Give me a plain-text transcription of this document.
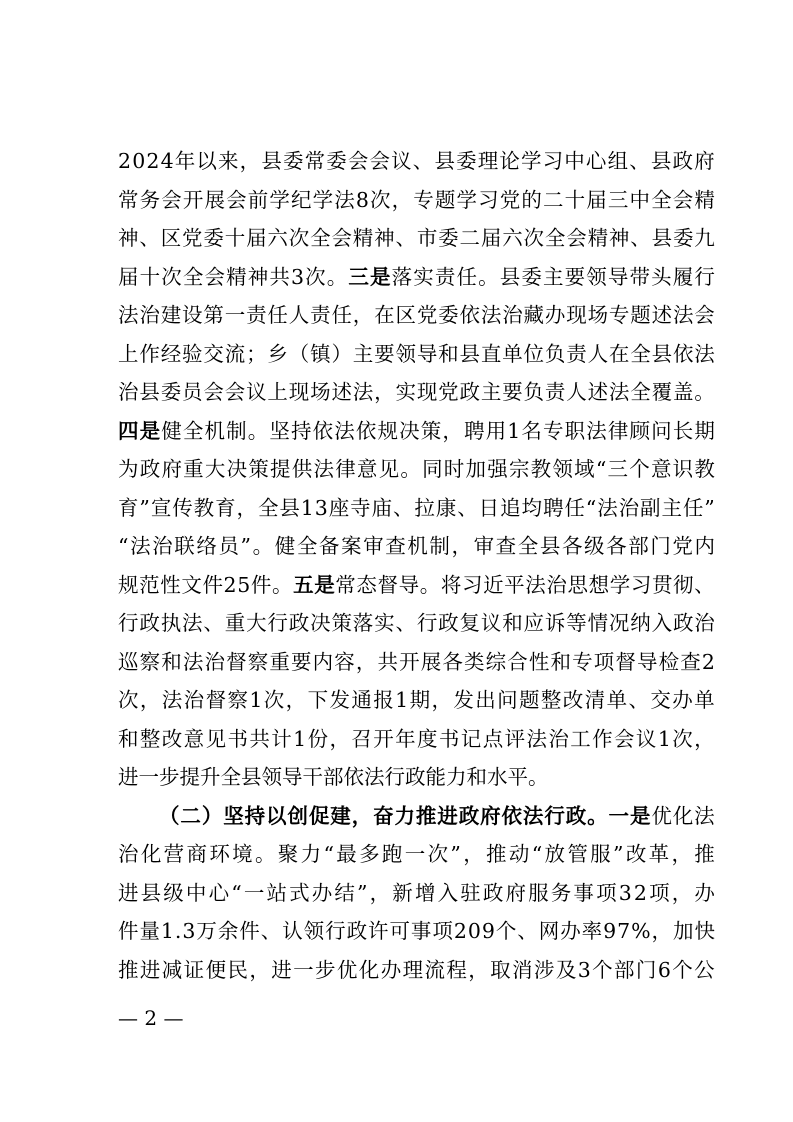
2 0 2 4 年 以 来 ， 县 委 常 委 会 会 议 、 县 委 理 论 学 习 中 心 组 、 县 政 府
常 务 会 开 展 会 前 学 纪 学 法 8 次 ， 专 题 学 习 党 的 二 十 届 三 中 全 会 精
神 、 区 党 委 十 届 六 次 全 会 精 神 、 市 委 二 届 六 次 全 会 精 神 、 县 委 九
届 十 次 全 会 精 神 共 3 次 。 三 是 落 实 责 任 。 县 委 主 要 领 导 带 头 履 行
法 治 建 设 第 一 责 任 人 责 任 ， 在 区 党 委 依 法 治 藏 办 现 场 专 题 述 法 会
上 作 经 验 交 流 ； 乡 （ 镇 ） 主 要 领 导 和 县 直 单 位 负 责 人 在 全 县 依 法
治 县 委 员 会 会 议 上 现 场 述 法 ， 实 现 党 政 主 要 负 责 人 述 法 全 覆 盖 。
四 是 健 全 机 制 。 坚 持 依 法 依 规 决 策 ， 聘 用 1 名 专 职 法 律 顾 问 长 期
为 政 府 重 大 决 策 提 供 法 律 意 见 。 同 时 加 强 宗 教 领 域 “ 三 个 意 识 教
育 ” 宣 传 教 育 ， 全 县 1 3 座 寺 庙 、 拉 康 、 日 追 均 聘 任 “ 法 治 副 主 任 ”
“ 法 治 联 络 员 ” 。 健 全 备 案 审 查 机 制 ， 审 查 全 县 各 级 各 部 门 党 内
规 范 性 文 件 2 5 件 。 五 是 常 态 督 导 。 将 习 近 平 法 治 思 想 学 习 贯 彻 、
行 政 执 法 、 重 大 行 政 决 策 落 实 、 行 政 复 议 和 应 诉 等 情 况 纳 入 政 治
巡 察 和 法 治 督 察 重 要 内 容 ， 共 开 展 各 类 综 合 性 和 专 项 督 导 检 查 2
次 ， 法 治 督 察 1 次 ， 下 发 通 报 1 期 ， 发 出 问 题 整 改 清 单 、 交 办 单
和 整 改 意 见 书 共 计 1 份 ， 召 开 年 度 书 记 点 评 法 治 工 作 会 议 1 次 ，
进一步提升全县领导干部依法行政能力和水平。
（ 二 ） 坚 持 以 创 促 建 ， 奋 力 推 进 政 府 依 法 行 政 。 一 是 优 化 法
治 化 营 商 环 境 。 聚 力 “ 最 多 跑 一 次 ” ， 推 动 “ 放 管 服 ” 改 革 ， 推
进 县 级 中 心 “ 一 站 式 办 结 ” ， 新 增 入 驻 政 府 服 务 事 项 3 2 项 ， 办
件 量 1 . 3 万 余 件 、 认 领 行 政 许 可 事 项 2 0 9 个 、 网 办 率 9 7 % ， 加 快
推 进 减 证 便 民 ， 进 一 步 优 化 办 理 流 程 ， 取 消 涉 及 3 个 部 门 6 个 公
— 2 —
